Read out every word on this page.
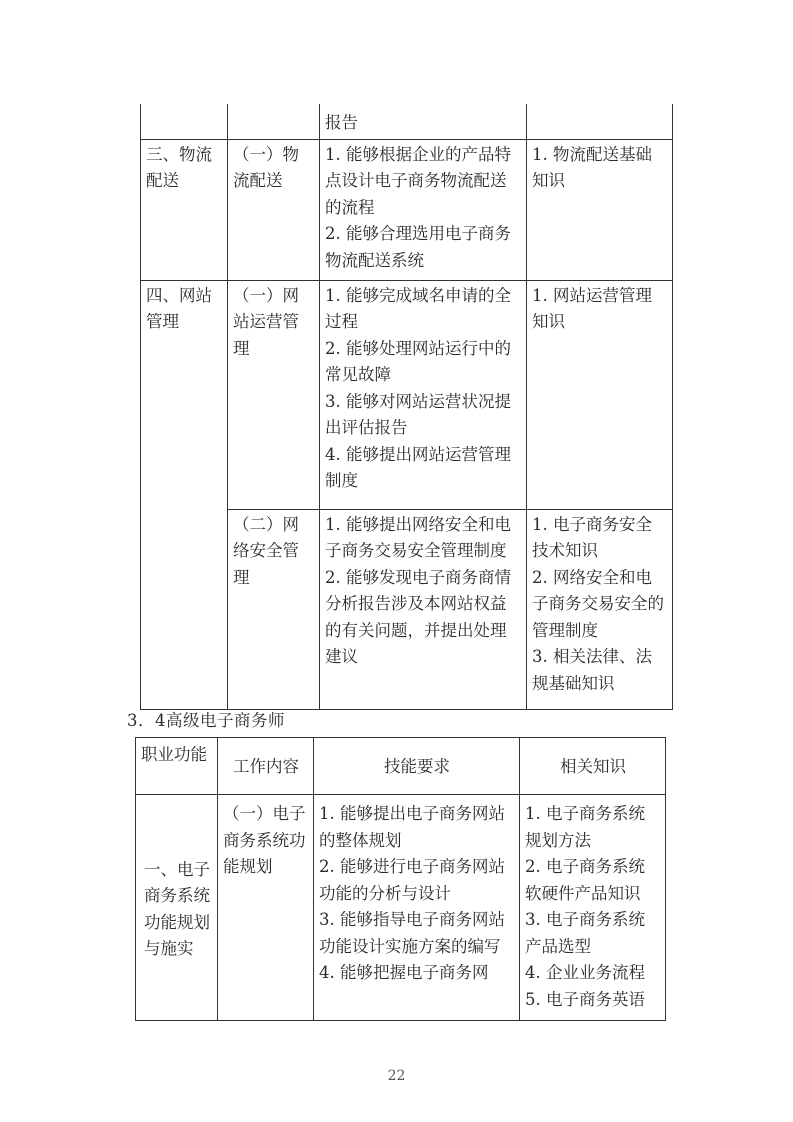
		报告	

三、物流配送	（一）物流配送	1. 能够根据企业的产品特点设计电子商务物流配送的流程
2. 能够合理选用电子商务物流配送系统	1. 物流配送基础知识

四、网站管理	（一）网站运营管理	1. 能够完成域名申请的全过程
2. 能够处理网站运行中的常见故障
3. 能够对网站运营状况提出评估报告
4. 能够提出网站运营管理制度	1. 网站运营管理知识

	（二）网络安全管理	1. 能够提出网络安全和电子商务交易安全管理制度
2. 能够发现电子商务商情分析报告涉及本网站权益的有关问题，并提出处理建议	1. 电子商务安全技术知识
2. 网络安全和电子商务交易安全的管理制度
3. 相关法律、法规基础知识
3．4高级电子商务师
职业功能	工作内容	技能要求	相关知识
一、电子商务系统功能规划与施实	（一）电子商务系统功能规划	1. 能够提出电子商务网站的整体规划
2. 能够进行电子商务网站功能的分析与设计
3. 能够指导电子商务网站功能设计实施方案的编写
4. 能够把握电子商务网	1. 电子商务系统规划方法
2. 电子商务系统软硬件产品知识
3. 电子商务系统产品选型
4. 企业业务流程
5. 电子商务英语
22
